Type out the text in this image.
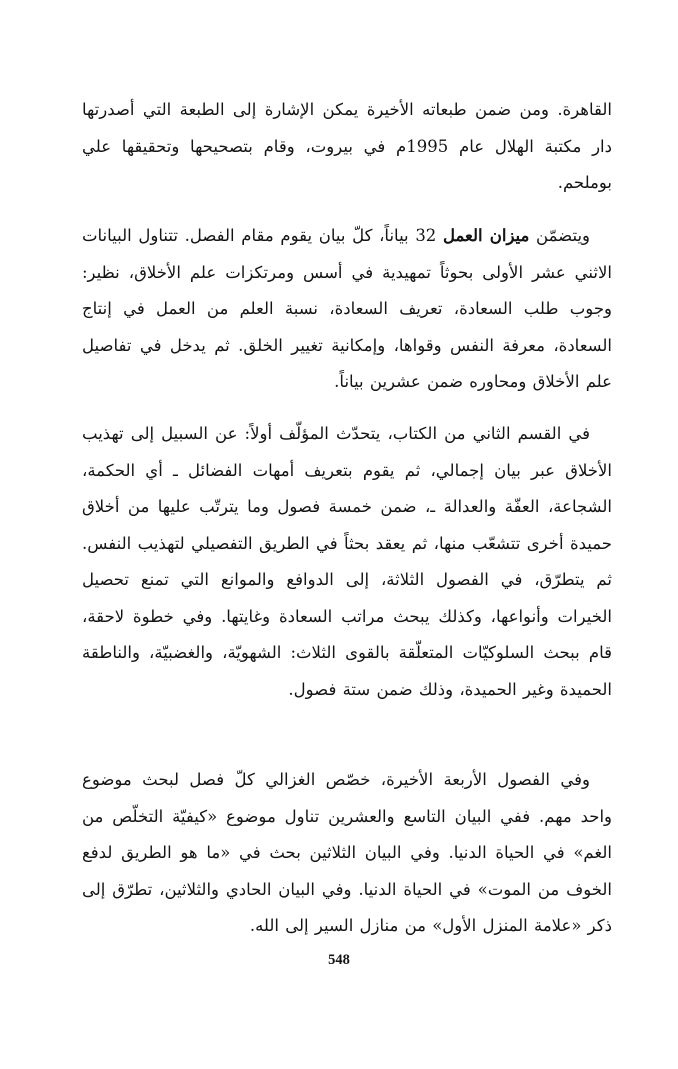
القاهرة. ومن ضمن طبعاته الأخيرة يمكن الإشارة إلى الطبعة التي أصدرتها دار مكتبة الهلال عام 1995م في بيروت، وقام بتصحيحها وتحقيقها علي بوملحم.

ويتضمّن ميزان العمل 32 بياناً، كلّ بيان يقوم مقام الفصل. تتناول البيانات الاثني عشر الأولى بحوثاً تمهيدية في أسس ومرتكزات علم الأخلاق، نظير: وجوب طلب السعادة، تعريف السعادة، نسبة العلم من العمل في إنتاج السعادة، معرفة النفس وقواها، وإمكانية تغيير الخلق. ثم يدخل في تفاصيل علم الأخلاق ومحاوره ضمن عشرين بياناً.

في القسم الثاني من الكتاب، يتحدّث المؤلّف أولاً: عن السبيل إلى تهذيب الأخلاق عبر بيان إجمالي، ثم يقوم بتعريف أمهات الفضائل ـ أي الحكمة، الشجاعة، العفّة والعدالة ـ، ضمن خمسة فصول وما يترتّب عليها من أخلاق حميدة أخرى تتشعّب منها، ثم يعقد بحثاً في الطريق التفصيلي لتهذيب النفس. ثم يتطرّق، في الفصول الثلاثة، إلى الدوافع والموانع التي تمنع تحصيل الخيرات وأنواعها، وكذلك يبحث مراتب السعادة وغايتها. وفي خطوة لاحقة، قام ببحث السلوكيّات المتعلّقة بالقوى الثلاث: الشهويّة، والغضبيّة، والناطقة الحميدة وغير الحميدة، وذلك ضمن ستة فصول.

وفي الفصول الأربعة الأخيرة، خصّص الغزالي كلّ فصل لبحث موضوع واحد مهم. ففي البيان التاسع والعشرين تناول موضوع «كيفيّة التخلّص من الغم» في الحياة الدنيا. وفي البيان الثلاثين بحث في «ما هو الطريق لدفع الخوف من الموت» في الحياة الدنيا. وفي البيان الحادي والثلاثين، تطرّق إلى ذكر «علامة المنزل الأول» من منازل السير إلى الله.

548
